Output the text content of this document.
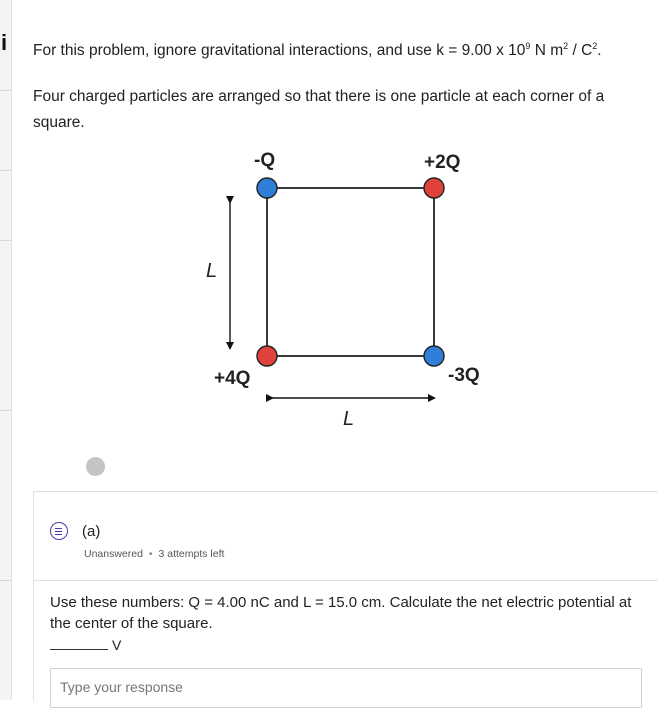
i For this problem, ignore gravitational interactions, and use k = 9.00 x $10^9$ N $m^2 / C^2$.

Four charged particles are arranged so that there is one particle at each corner of a square.

-Q	+2Q
+4Q	-3Q
L
L
(a)
Unanswered • 3 attempts left
Use these numbers: Q = 4.00 nC and L = 15.0 cm. Calculate the net electric potential at the center of the square.
V
Type your response
